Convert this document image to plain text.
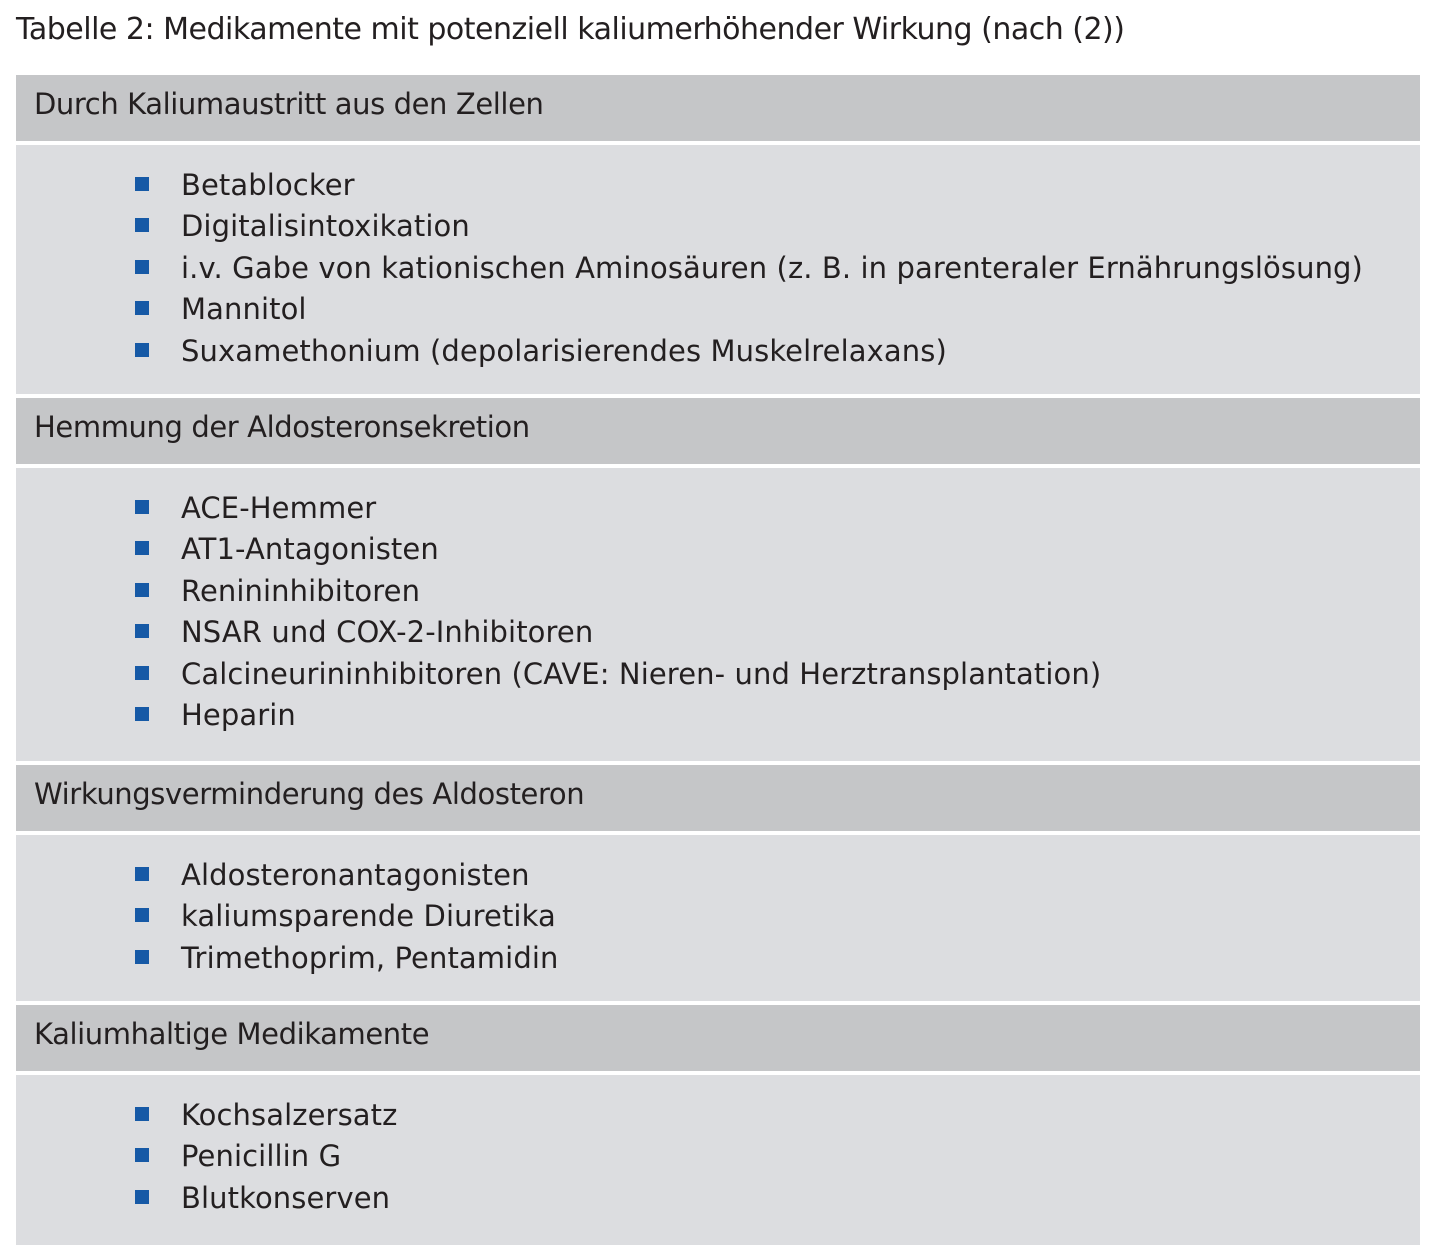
Tabelle 2: Medikamente mit potenziell kaliumerhöhender Wirkung (nach (2))
Durch Kaliumaustritt aus den Zellen
Betablocker
Digitalisintoxikation
i.v. Gabe von kationischen Aminosäuren (z. B. in parenteraler Ernährungslösung)
Mannitol
Suxamethonium (depolarisierendes Muskelrelaxans)
Hemmung der Aldosteronsekretion
ACE-Hemmer
AT1-Antagonisten
Renininhibitoren
NSAR und COX-2-Inhibitoren
Calcineurininhibitoren (CAVE: Nieren- und Herztransplantation)
Heparin
Wirkungsverminderung des Aldosteron
Aldosteronantagonisten
kaliumsparende Diuretika
Trimethoprim, Pentamidin
Kaliumhaltige Medikamente
Kochsalzersatz
Penicillin G
Blutkonserven
